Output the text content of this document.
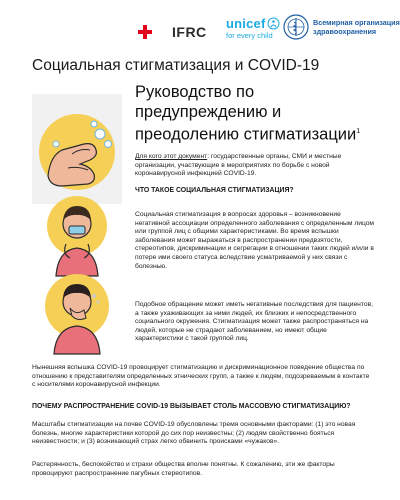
IFRC
unicef
for every child
Всемирная организация
здравоохранения
Социальная стигматизация и COVID-19
Руководство по предупреждению и преодолению стигматизации$^1$
Для кого этот документ: государственные органы, СМИ и местные организации, участвующие в мероприятиях по борьбе с новой коронавирусной инфекцией COVID-19.
ЧТО ТАКОЕ СОЦИАЛЬНАЯ СТИГМАТИЗАЦИЯ?
Социальная стигматизация в вопросах здоровья – возникновение негативной ассоциации определенного заболевания с определенным лицом или группой лиц с общими характеристиками. Во время вспышки заболевания может выражаться в распространении предвзятости, стереотипов, дискриминации и сегрегации в отношении таких людей и/или в потере ими своего статуса вследствие усматриваемой у них связи с болезнью.
Подобное обращение может иметь негативные последствия для пациентов, а также ухаживающих за ними людей, их близких и непосредственного социального окружения. Стигматизация может также распространяться на людей, которые не страдают заболеванием, но имеют общие характеристики с такой группой лиц.
Нынешняя вспышка COVID-19 провоцирует стигматизацию и дискриминационное поведение общества по отношению к представителям определенных этнических групп, а также к людям, подозреваемым в контакте с носителями коронавирусной инфекции.
ПОЧЕМУ РАСПРОСТРАНЕНИЕ COVID-19 ВЫЗЫВАЕТ СТОЛЬ МАССОВУЮ СТИГМАТИЗАЦИЮ?
Масштабы стигматизации на почве COVID-19 обусловлены тремя основными факторами: (1) это новая болезнь, многие характеристики которой до сих пор неизвестны; (2) людям свойственно бояться неизвестности; и (3) возникающий страх легко обвинить происками «чужаков».
Растерянность, беспокойство и страхи общества вполне понятны. К сожалению, эти же факторы провоцируют распространение пагубных стереотипов.
